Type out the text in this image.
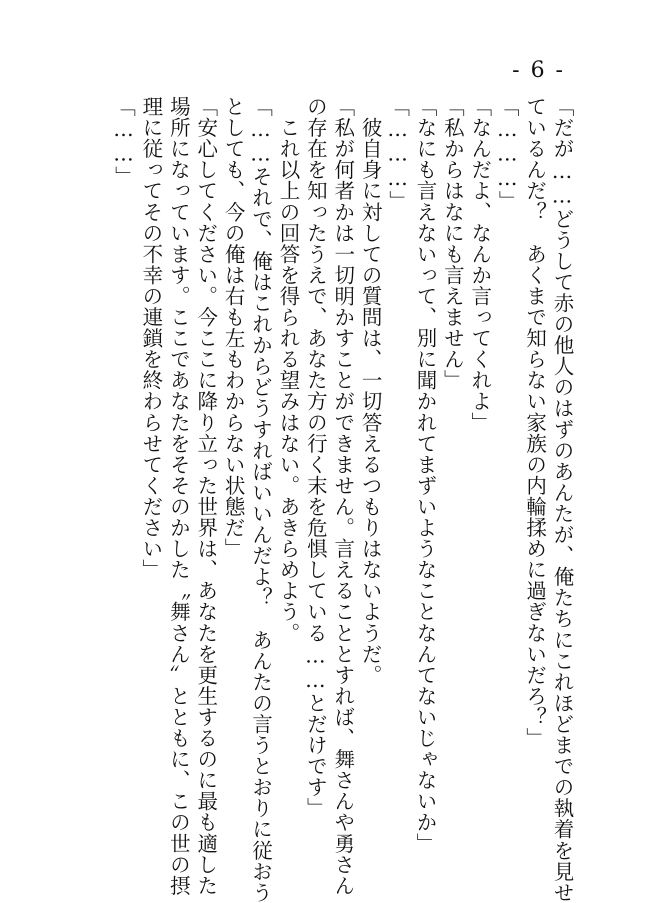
- 6 -
「だが……どうして赤の他人のはずのあんたが、俺たちにこれほどまでの執着を見せ
ているんだ？　あくまで知らない家族の内輪揉めに過ぎないだろ？」
「………」
「なんだよ、なんか言ってくれよ」
「私からはなにも言えません」
「なにも言えないって、別に聞かれてまずいようなことなんてないじゃないか」
「………」
　彼自身に対しての質問は、一切答えるつもりはないようだ。
「私が何者かは一切明かすことができません。言えることとすれば、舞さんや勇さん
の存在を知ったうえで、あなた方の行く末を危惧している……とだけです」
　これ以上の回答を得られる望みはない。あきらめよう。
「……それで、俺はこれからどうすればいいんだよ？　あんたの言うとおりに従おう
としても、今の俺は右も左もわからない状態だ」
「安心してください。今ここに降り立った世界は、あなたを更生するのに最も適した
場所になっています。ここであなたをそそのかした〝舞さん〟とともに、この世の摂
理に従ってその不幸の連鎖を終わらせてください」
「……」
